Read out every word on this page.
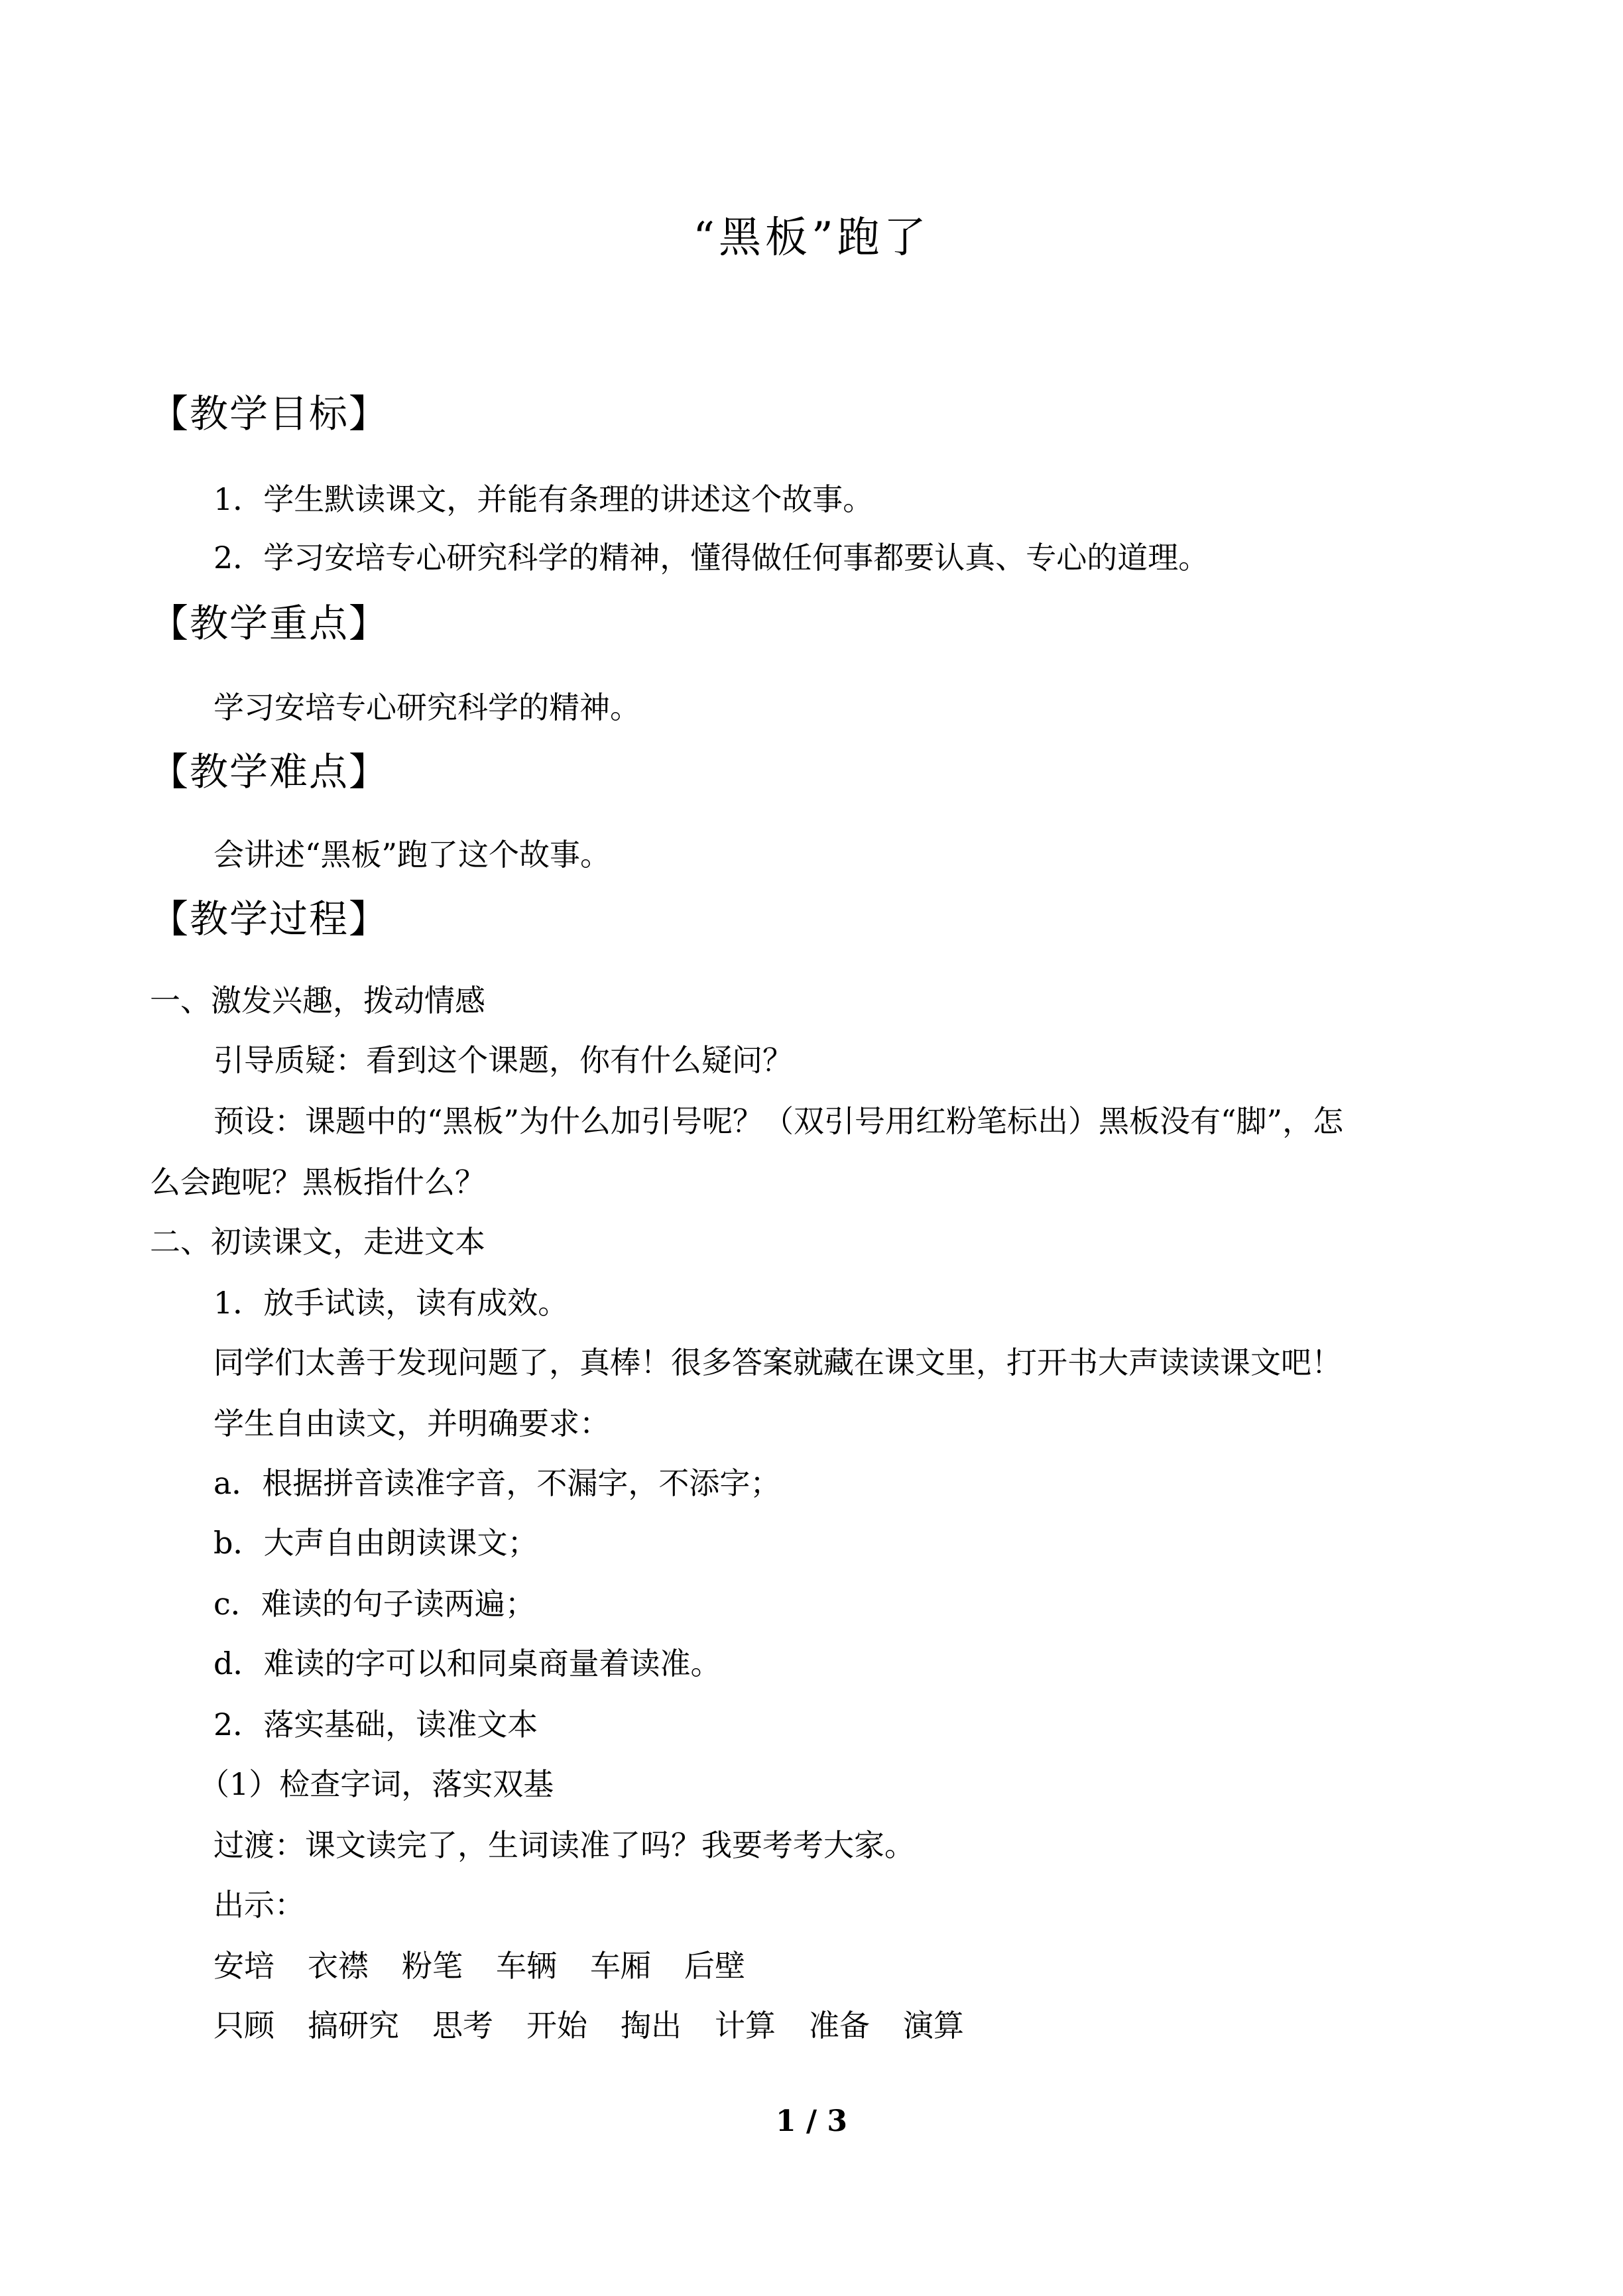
“黑板”跑了
【教学目标】
1．学生默读课文，并能有条理的讲述这个故事。
2．学习安培专心研究科学的精神，懂得做任何事都要认真、专心的道理。
【教学重点】
学习安培专心研究科学的精神。
【教学难点】
会讲述“黑板”跑了这个故事。
【教学过程】
一、激发兴趣，拨动情感
引导质疑：看到这个课题，你有什么疑问？
预设：课题中的“黑板”为什么加引号呢？（双引号用红粉笔标出）黑板没有“脚”，怎
么会跑呢？黑板指什么？
二、初读课文，走进文本
1．放手试读，读有成效。
同学们太善于发现问题了，真棒！很多答案就藏在课文里，打开书大声读读课文吧！
学生自由读文，并明确要求：
a．根据拼音读准字音，不漏字，不添字；
b．大声自由朗读课文；
c．难读的句子读两遍；
d．难读的字可以和同桌商量着读准。
2．落实基础，读准文本
（1）检查字词，落实双基
过渡：课文读完了，生词读准了吗？我要考考大家。
出示：
安培 衣襟 粉笔 车辆 车厢 后壁
只顾 搞研究 思考 开始 掏出 计算 准备 演算
1 / 3
